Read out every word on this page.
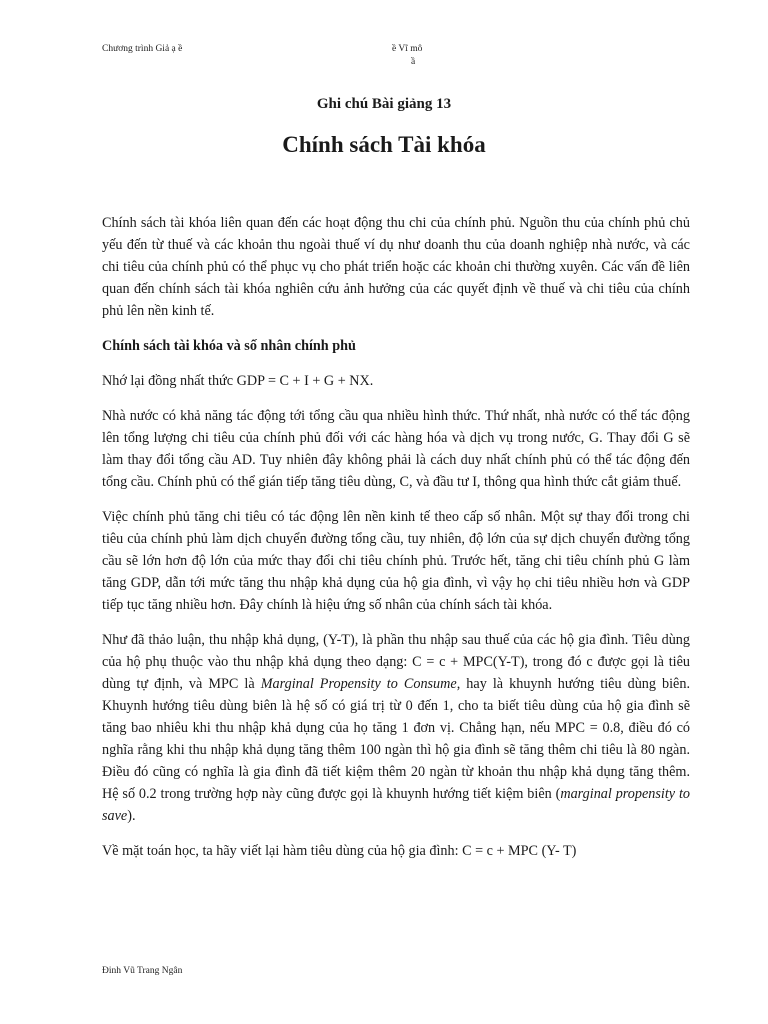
Chương trình Giả ạ ề	ề Vĩ mô
ầ
Ghi chú Bài giảng 13
Chính sách Tài khóa

Chính sách tài khóa liên quan đến các hoạt động thu chi của chính phủ. Nguồn thu của chính phủ chủ yếu đến từ thuế và các khoản thu ngoài thuế ví dụ như doanh thu của doanh nghiệp nhà nước, và các chi tiêu của chính phủ có thể phục vụ cho phát triển hoặc các khoản chi thường xuyên. Các vấn đề liên quan đến chính sách tài khóa nghiên cứu ảnh hưởng của các quyết định về thuế và chi tiêu của chính phủ lên nền kinh tế.

Chính sách tài khóa và số nhân chính phủ

Nhớ lại đồng nhất thức GDP = C + I + G + NX.

Nhà nước có khả năng tác động tới tổng cầu qua nhiều hình thức. Thứ nhất, nhà nước có thể tác động lên tổng lượng chi tiêu của chính phủ đối với các hàng hóa và dịch vụ trong nước, G. Thay đổi G sẽ làm thay đổi tổng cầu AD. Tuy nhiên đây không phải là cách duy nhất chính phủ có thể tác động đến tổng cầu. Chính phủ có thể gián tiếp tăng tiêu dùng, C, và đầu tư I, thông qua hình thức cắt giảm thuế.

Việc chính phủ tăng chi tiêu có tác động lên nền kinh tế theo cấp số nhân. Một sự thay đổi trong chi tiêu của chính phủ làm dịch chuyển đường tổng cầu, tuy nhiên, độ lớn của sự dịch chuyển đường tổng cầu sẽ lớn hơn độ lớn của mức thay đổi chi tiêu chính phủ. Trước hết, tăng chi tiêu chính phủ G làm tăng GDP, dẫn tới mức tăng thu nhập khả dụng của hộ gia đình, vì vậy họ chi tiêu nhiều hơn và GDP tiếp tục tăng nhiều hơn. Đây chính là hiệu ứng số nhân của chính sách tài khóa.

Như đã thảo luận, thu nhập khả dụng, (Y-T), là phần thu nhập sau thuế của các hộ gia đình. Tiêu dùng của hộ phụ thuộc vào thu nhập khả dụng theo dạng: C = c + MPC(Y-T), trong đó c được gọi là tiêu dùng tự định, và MPC là Marginal Propensity to Consume, hay là khuynh hướng tiêu dùng biên. Khuynh hướng tiêu dùng biên là hệ số có giá trị từ 0 đến 1, cho ta biết tiêu dùng của hộ gia đình sẽ tăng bao nhiêu khi thu nhập khả dụng của họ tăng 1 đơn vị. Chẳng hạn, nếu MPC = 0.8, điều đó có nghĩa rằng khi thu nhập khả dụng tăng thêm 100 ngàn thì hộ gia đình sẽ tăng thêm chi tiêu là 80 ngàn. Điều đó cũng có nghĩa là gia đình đã tiết kiệm thêm 20 ngàn từ khoản thu nhập khả dụng tăng thêm. Hệ số 0.2 trong trường hợp này cũng được gọi là khuynh hướng tiết kiệm biên (marginal propensity to save).

Về mặt toán học, ta hãy viết lại hàm tiêu dùng của hộ gia đình: C = c + MPC (Y- T)

Đinh Vũ Trang Ngân
